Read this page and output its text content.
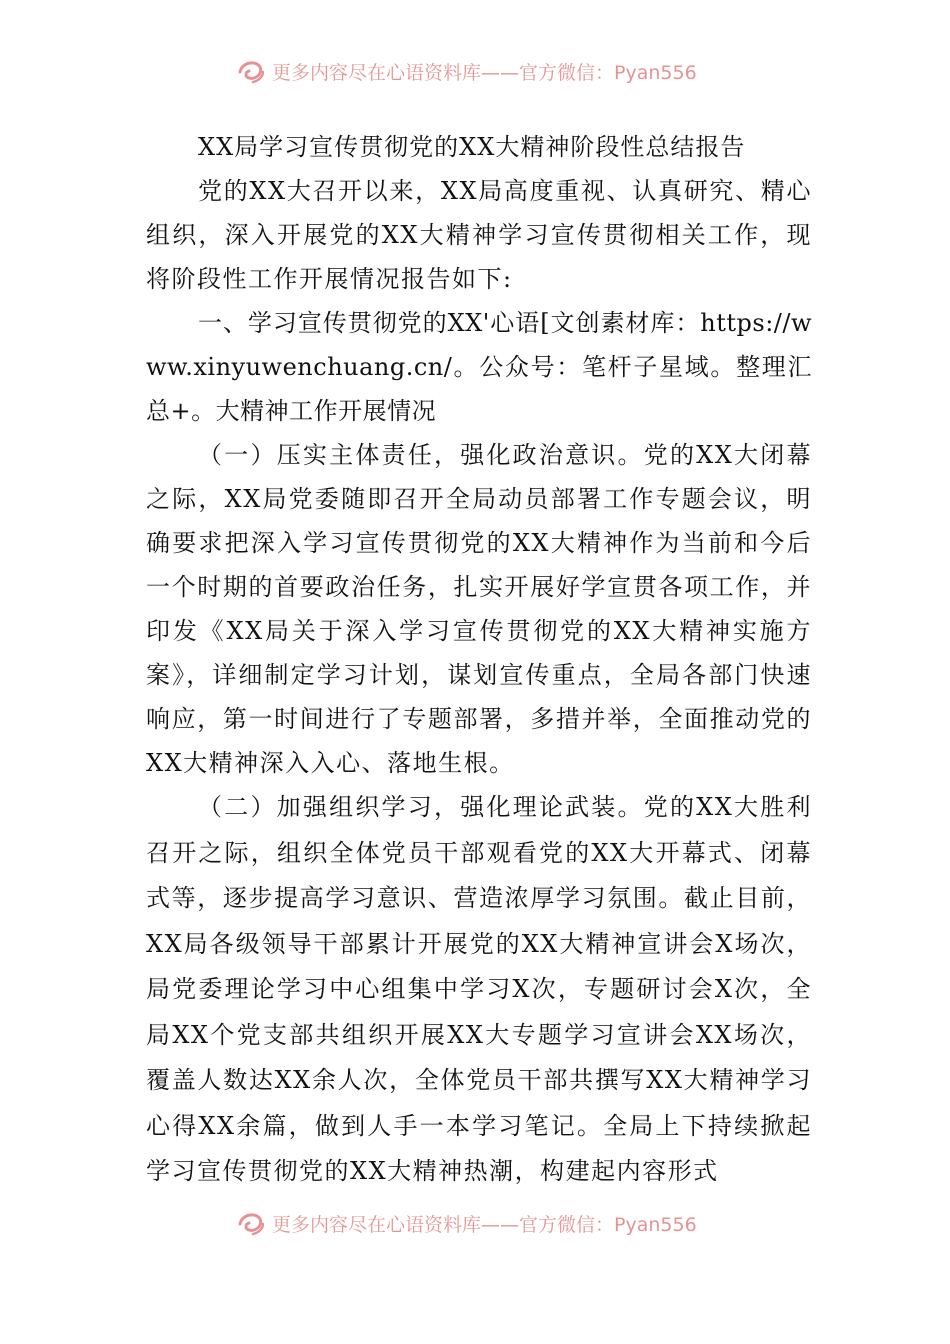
更多内容尽在心语资料库——官方微信：Pyan556
XX局学习宣传贯彻党的XX大精神阶段性总结报告

党的XX大召开以来，XX局高度重视、认真研究、精心组织，深入开展党的XX大精神学习宣传贯彻相关工作，现将阶段性工作开展情况报告如下:

一、学习宣传贯彻党的XX'心语[文创素材库：https://www.xinyuwenchuang.cn/。公众号：笔杆子星域。整理汇总+。大精神工作开展情况

（一）压实主体责任，强化政治意识。党的XX大闭幕之际，XX局党委随即召开全局动员部署工作专题会议，明确要求把深入学习宣传贯彻党的XX大精神作为当前和今后一个时期的首要政治任务，扎实开展好学宣贯各项工作，并印发《XX局关于深入学习宣传贯彻党的XX大精神实施方案》，详细制定学习计划，谋划宣传重点，全局各部门快速响应，第一时间进行了专题部署，多措并举，全面推动党的XX大精神深入入心、落地生根。

（二）加强组织学习，强化理论武装。党的XX大胜利召开之际，组织全体党员干部观看党的XX大开幕式、闭幕式等，逐步提高学习意识、营造浓厚学习氛围。截止目前，XX局各级领导干部累计开展党的XX大精神宣讲会X场次，局党委理论学习中心组集中学习X次，专题研讨会X次，全局XX个党支部共组织开展XX大专题学习宣讲会XX场次，覆盖人数达XX余人次，全体党员干部共撰写XX大精神学习心得XX余篇，做到人手一本学习笔记。全局上下持续掀起学习宣传贯彻党的XX大精神热潮，构建起内容形式

更多内容尽在心语资料库——官方微信：Pyan556
